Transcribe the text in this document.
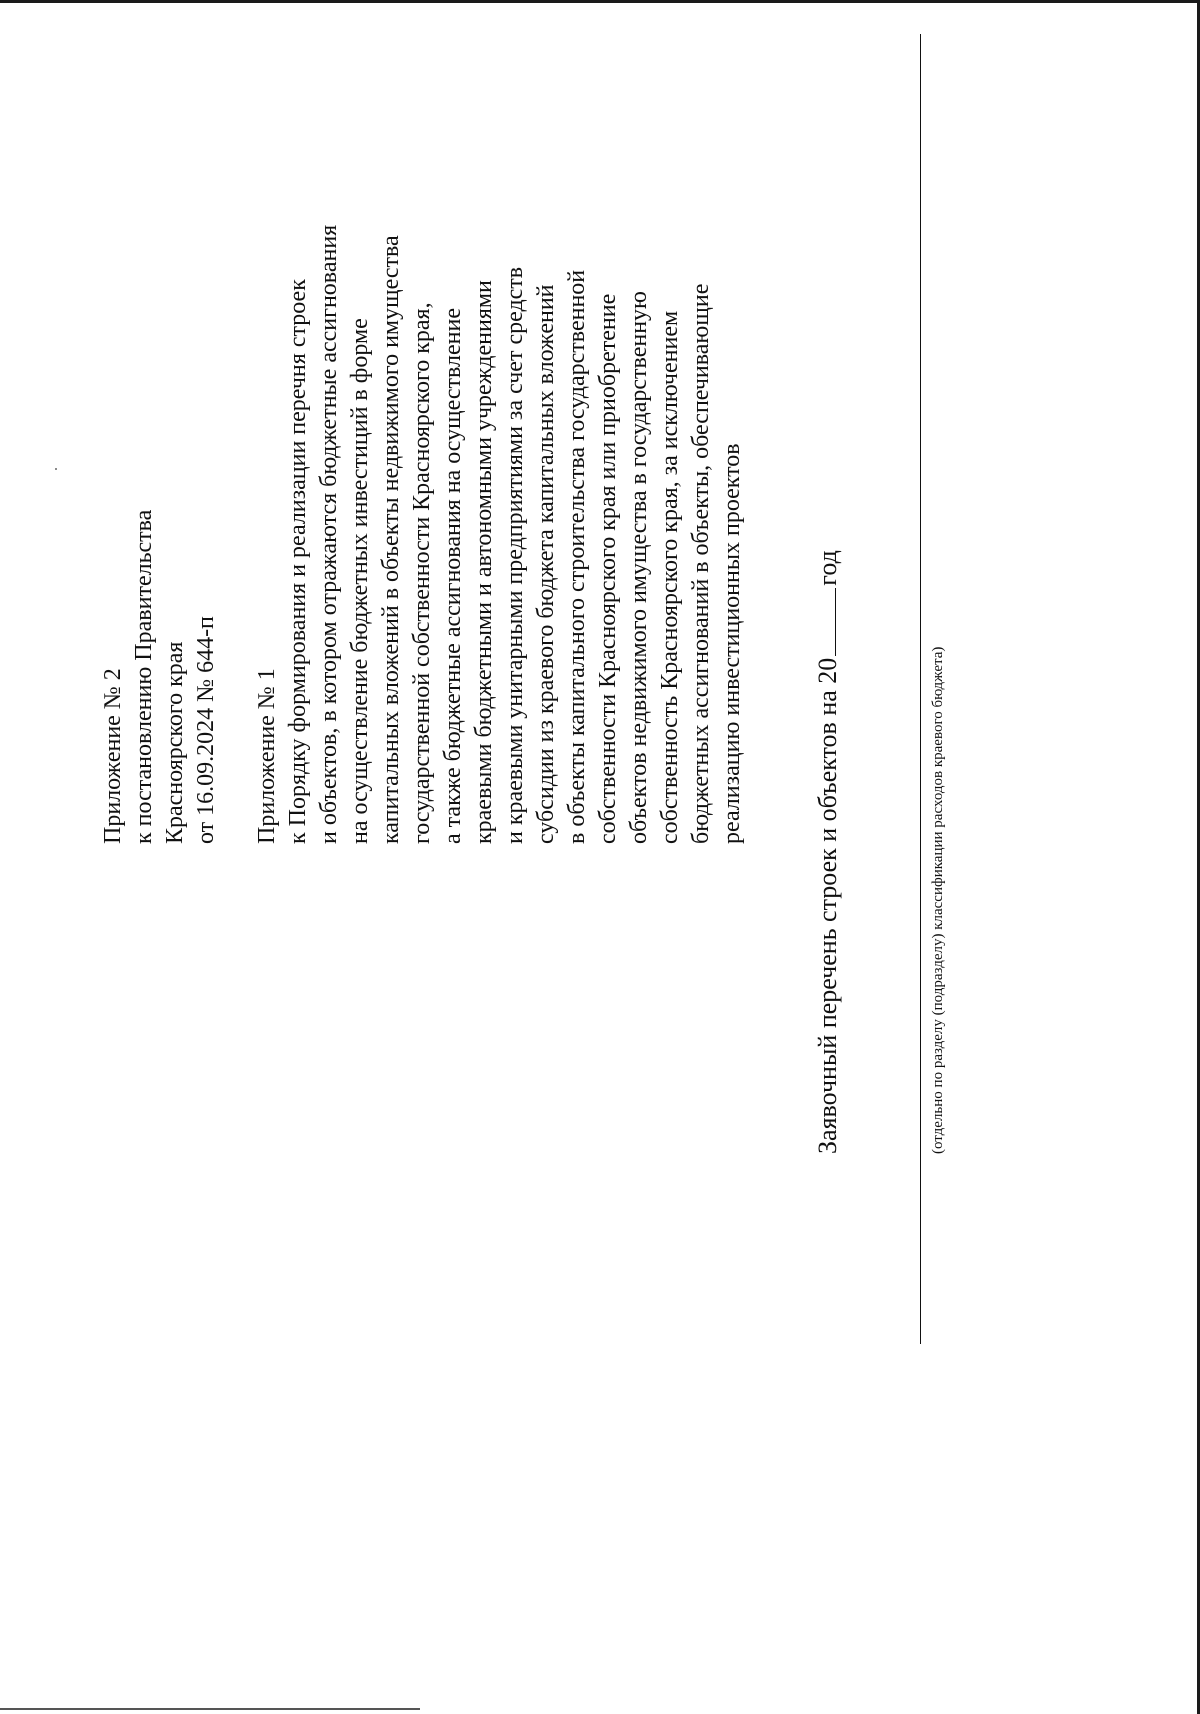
Приложение № 2 к постановлению Правительства Красноярского края от 16.09.2024 № 644-п Приложение № 1 к Порядку формирования и реализации перечня строек и объектов, в котором отражаются бюджетные ассигнования на осуществление бюджетных инвестиций в форме капитальных вложений в объекты недвижимого имущества государственной собственности Красноярского края, а также бюджетные ассигнования на осуществление краевыми бюджетными и автономными учреждениями и краевыми унитарными предприятиями за счет средств субсидии из краевого бюджета капитальных вложений в объекты капитального строительства государственной собственности Красноярского края или приобретение объектов недвижимого имущества в государственную собственность Красноярского края, за исключением бюджетных ассигнований в объекты, обеспечивающие реализацию инвестиционных проектов
Заявочный перечень строек и объектов на 20год
(отдельно по разделу (подразделу) классификации расходов краевого бюджета)
